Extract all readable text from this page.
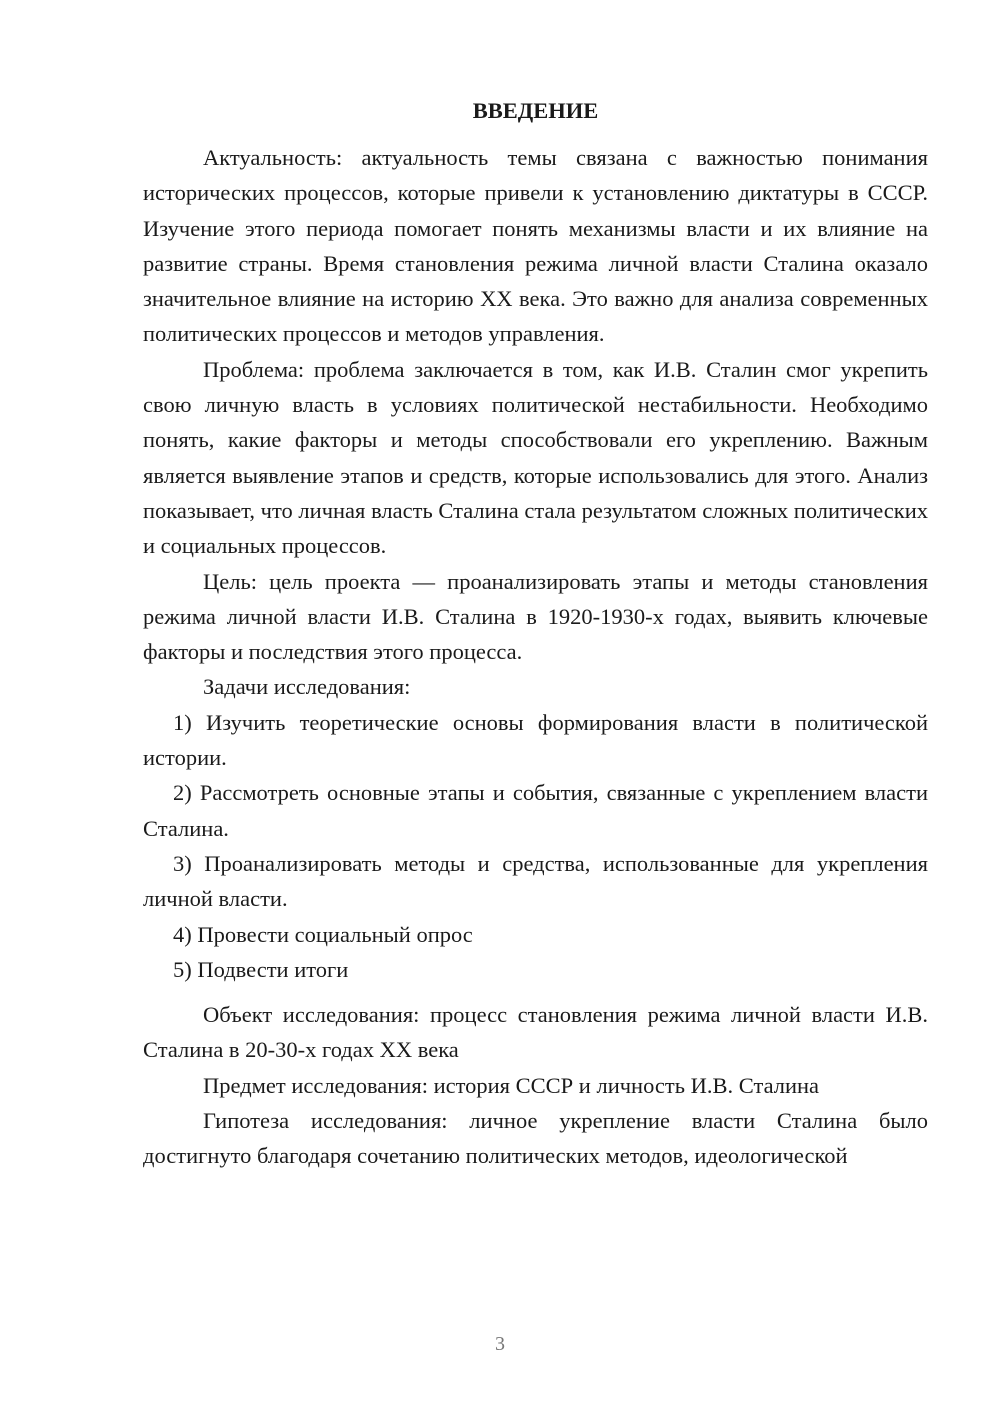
ВВЕДЕНИЕ

Актуальность: актуальность темы связана с важностью понимания исторических процессов, которые привели к установлению диктатуры в СССР. Изучение этого периода помогает понять механизмы власти и их влияние на развитие страны. Время становления режима личной власти Сталина оказало значительное влияние на историю XX века. Это важно для анализа современных политических процессов и методов управления.

Проблема: проблема заключается в том, как И.В. Сталин смог укрепить свою личную власть в условиях политической нестабильности. Необходимо понять, какие факторы и методы способствовали его укреплению. Важным является выявление этапов и средств, которые использовались для этого. Анализ показывает, что личная власть Сталина стала результатом сложных политических и социальных процессов.

Цель: цель проекта — проанализировать этапы и методы становления режима личной власти И.В. Сталина в 1920-1930-х годах, выявить ключевые факторы и последствия этого процесса.

Задачи исследования:

1) Изучить теоретические основы формирования власти в политической истории.

2) Рассмотреть основные этапы и события, связанные с укреплением власти Сталина.

3) Проанализировать методы и средства, использованные для укрепления личной власти.

4) Провести социальный опрос

5) Подвести итоги

Объект исследования: процесс становления режима личной власти И.В. Сталина в 20-30-х годах XX века

Предмет исследования: история СССР и личность И.В. Сталина

Гипотеза исследования: личное укрепление власти Сталина было достигнуто благодаря сочетанию политических методов, идеологической

3
